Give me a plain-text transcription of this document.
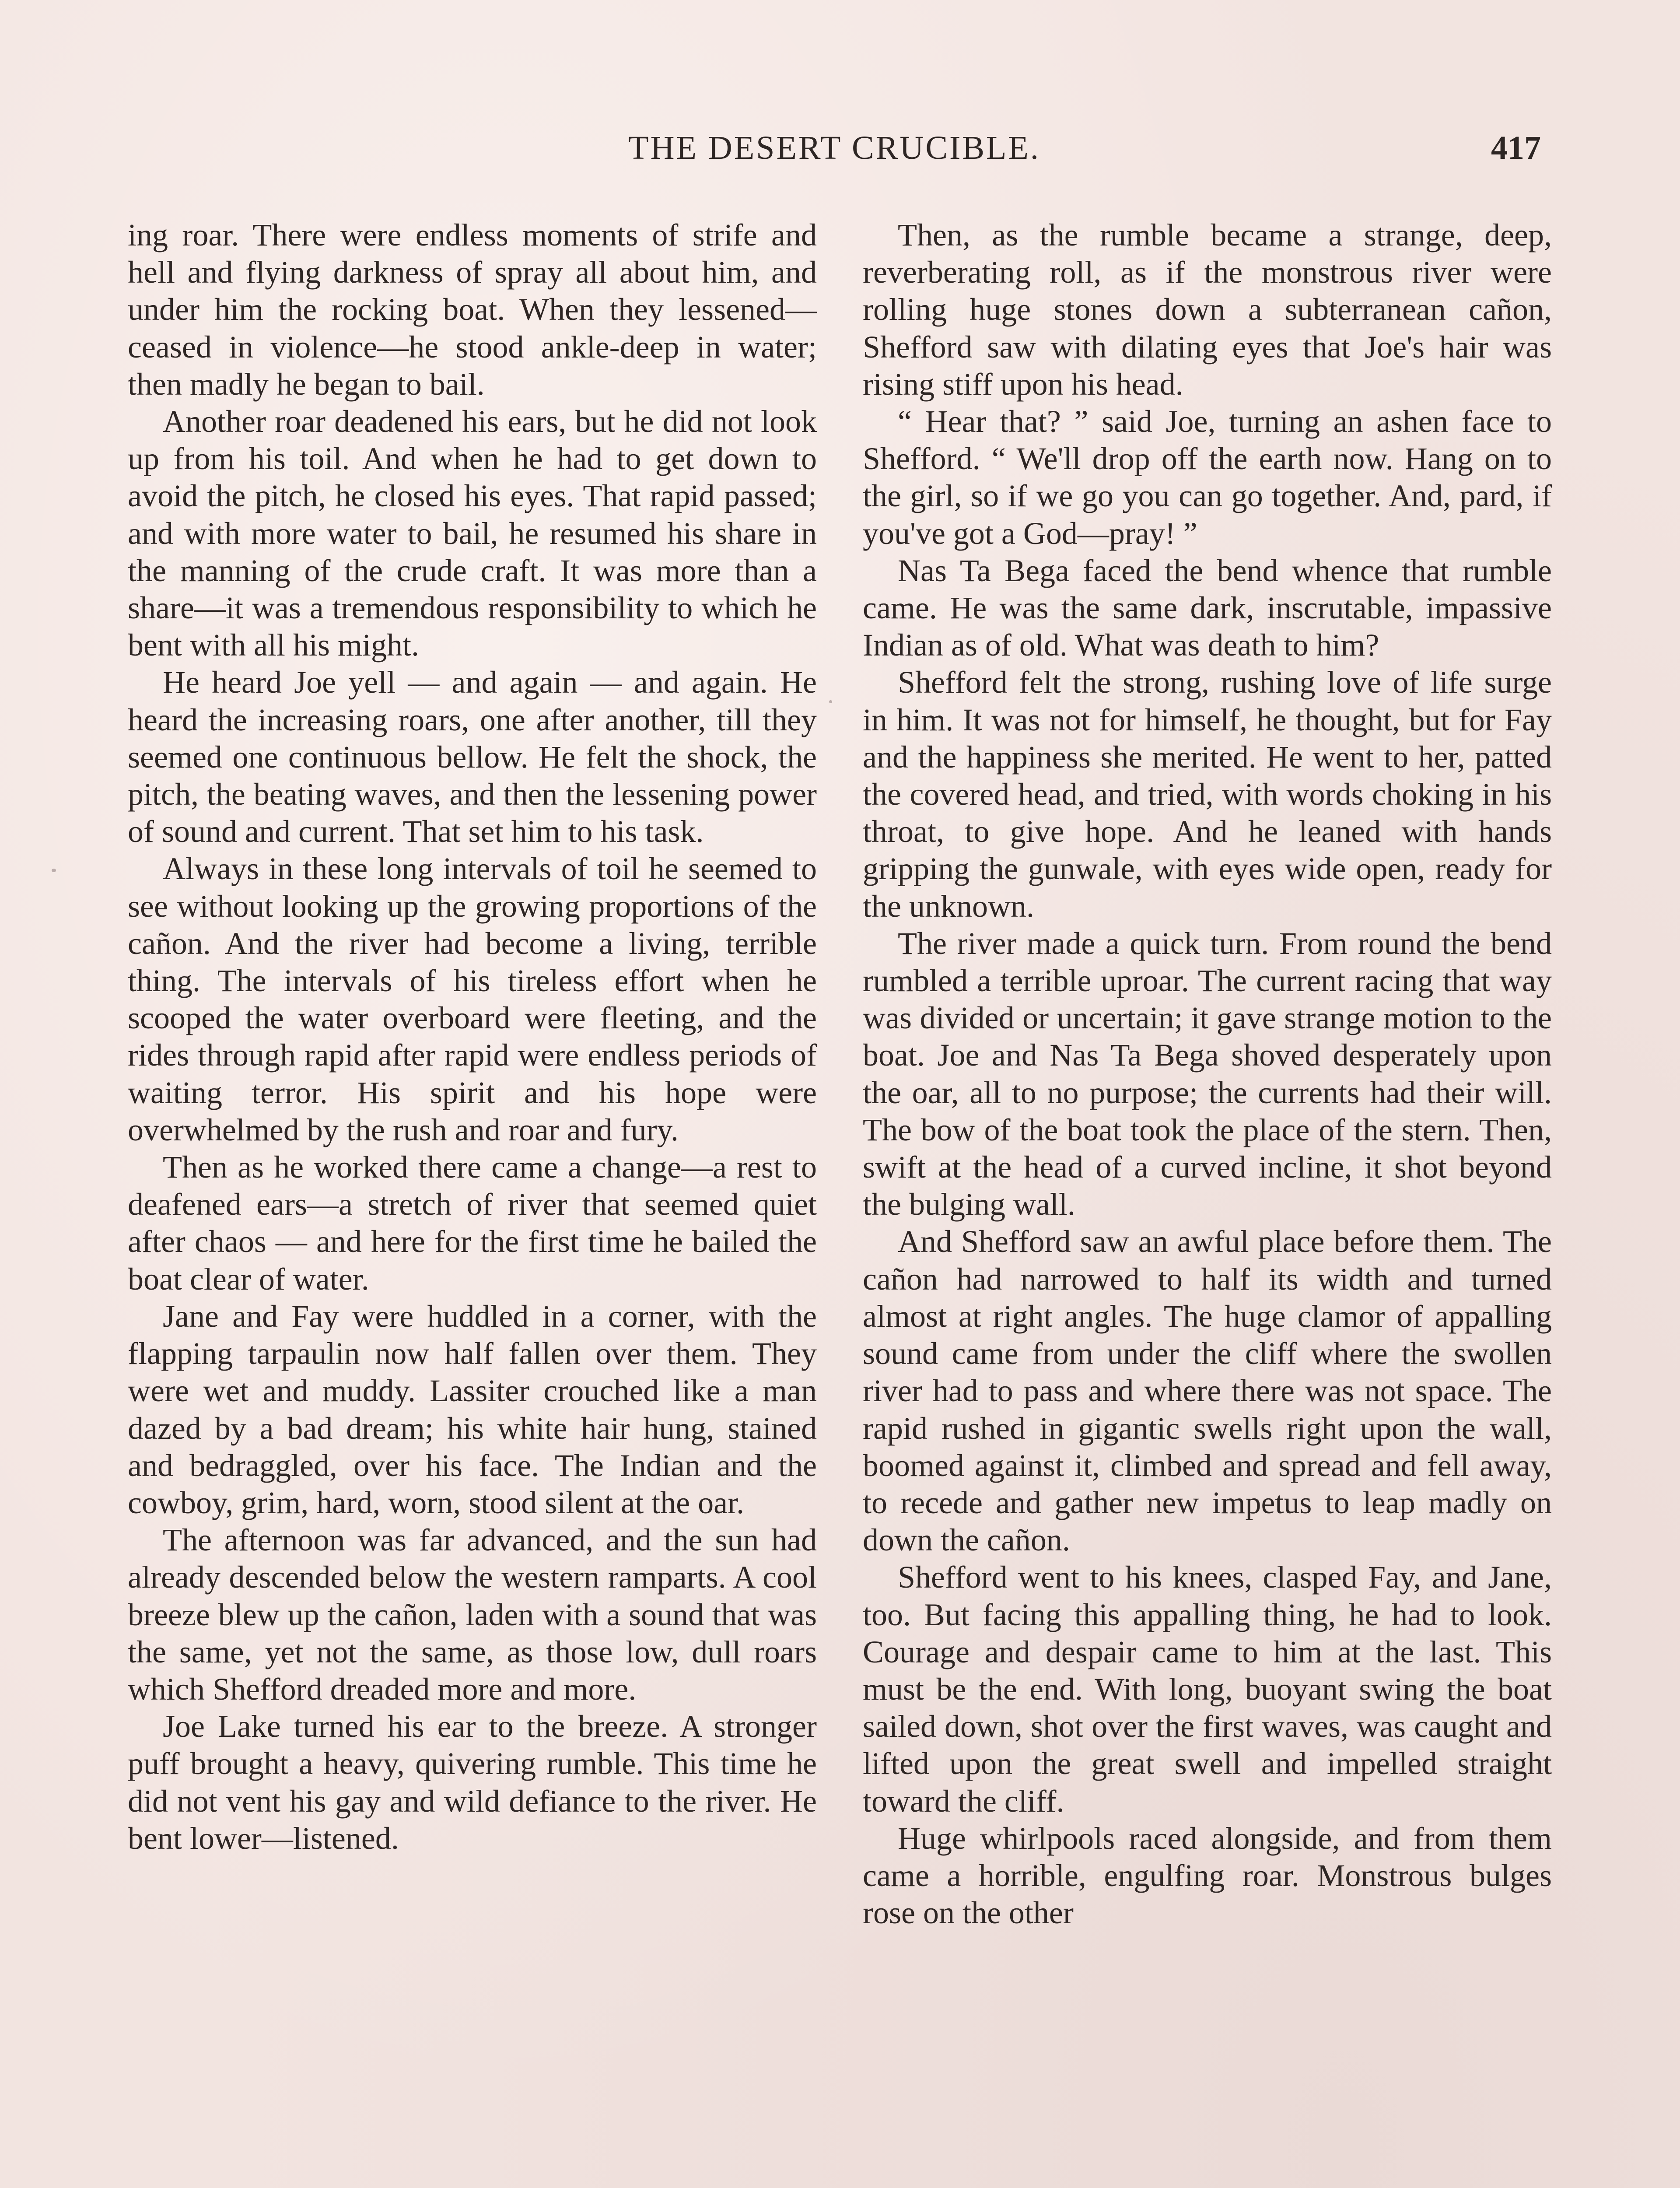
THE DESERT CRUCIBLE.	417

ing roar. There were endless moments of strife and hell and flying darkness of spray all about him, and under him the rocking boat. When they lessened—ceased in violence—he stood ankle-deep in water; then madly he began to bail.

Another roar deadened his ears, but he did not look up from his toil. And when he had to get down to avoid the pitch, he closed his eyes. That rapid passed; and with more water to bail, he resumed his share in the manning of the crude craft. It was more than a share—it was a tremendous responsibility to which he bent with all his might.

He heard Joe yell — and again — and again. He heard the increasing roars, one after another, till they seemed one continuous bellow. He felt the shock, the pitch, the beating waves, and then the lessening power of sound and current. That set him to his task.

Always in these long intervals of toil he seemed to see without looking up the growing proportions of the cañon. And the river had become a living, terrible thing. The intervals of his tireless effort when he scooped the water overboard were fleeting, and the rides through rapid after rapid were endless periods of waiting terror. His spirit and his hope were overwhelmed by the rush and roar and fury.

Then as he worked there came a change—a rest to deafened ears—a stretch of river that seemed quiet after chaos — and here for the first time he bailed the boat clear of water.

Jane and Fay were huddled in a corner, with the flapping tarpaulin now half fallen over them. They were wet and muddy. Lassiter crouched like a man dazed by a bad dream; his white hair hung, stained and bedraggled, over his face. The Indian and the cowboy, grim, hard, worn, stood silent at the oar.

The afternoon was far advanced, and the sun had already descended below the western ramparts. A cool breeze blew up the cañon, laden with a sound that was the same, yet not the same, as those low, dull roars which Shefford dreaded more and more.

Joe Lake turned his ear to the breeze. A stronger puff brought a heavy, quivering rumble. This time he did not vent his gay and wild defiance to the river. He bent lower—listened.

Then, as the rumble became a strange, deep, reverberating roll, as if the monstrous river were rolling huge stones down a subterranean cañon, Shefford saw with dilating eyes that Joe's hair was rising stiff upon his head.

“ Hear that? ” said Joe, turning an ashen face to Shefford. “ We'll drop off the earth now. Hang on to the girl, so if we go you can go together. And, pard, if you've got a God—pray! ”

Nas Ta Bega faced the bend whence that rumble came. He was the same dark, inscrutable, impassive Indian as of old. What was death to him?

Shefford felt the strong, rushing love of life surge in him. It was not for himself, he thought, but for Fay and the happiness she merited. He went to her, patted the covered head, and tried, with words choking in his throat, to give hope. And he leaned with hands gripping the gunwale, with eyes wide open, ready for the unknown.

The river made a quick turn. From round the bend rumbled a terrible uproar. The current racing that way was divided or uncertain; it gave strange motion to the boat. Joe and Nas Ta Bega shoved desperately upon the oar, all to no purpose; the currents had their will. The bow of the boat took the place of the stern. Then, swift at the head of a curved incline, it shot beyond the bulging wall.

And Shefford saw an awful place before them. The cañon had narrowed to half its width and turned almost at right angles. The huge clamor of appalling sound came from under the cliff where the swollen river had to pass and where there was not space. The rapid rushed in gigantic swells right upon the wall, boomed against it, climbed and spread and fell away, to recede and gather new impetus to leap madly on down the cañon.

Shefford went to his knees, clasped Fay, and Jane, too. But facing this appalling thing, he had to look. Courage and despair came to him at the last. This must be the end. With long, buoyant swing the boat sailed down, shot over the first waves, was caught and lifted upon the great swell and impelled straight toward the cliff.

Huge whirlpools raced alongside, and from them came a horrible, engulfing roar. Monstrous bulges rose on the other
